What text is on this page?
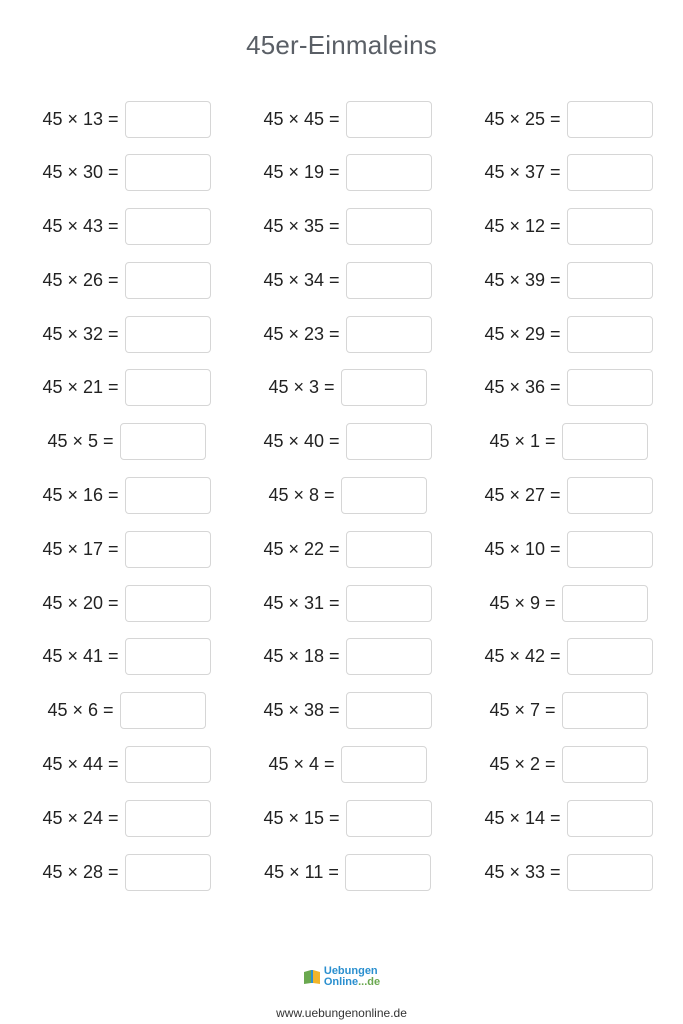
45er-Einmaleins
45 × 13 =	45 × 45 =	45 × 25 =
45 × 30 =	45 × 19 =	45 × 37 =
45 × 43 =	45 × 35 =	45 × 12 =
45 × 26 =	45 × 34 =	45 × 39 =
45 × 32 =	45 × 23 =	45 × 29 =
45 × 21 =	45 × 3 =	45 × 36 =
45 × 5 =	45 × 40 =	45 × 1 =
45 × 16 =	45 × 8 =	45 × 27 =
45 × 17 =	45 × 22 =	45 × 10 =
45 × 20 =	45 × 31 =	45 × 9 =
45 × 41 =	45 × 18 =	45 × 42 =
45 × 6 =	45 × 38 =	45 × 7 =
45 × 44 =	45 × 4 =	45 × 2 =
45 × 24 =	45 × 15 =	45 × 14 =
45 × 28 =	45 × 11 =	45 × 33 =
Uebungen
Online...de
www.uebungenonline.de
